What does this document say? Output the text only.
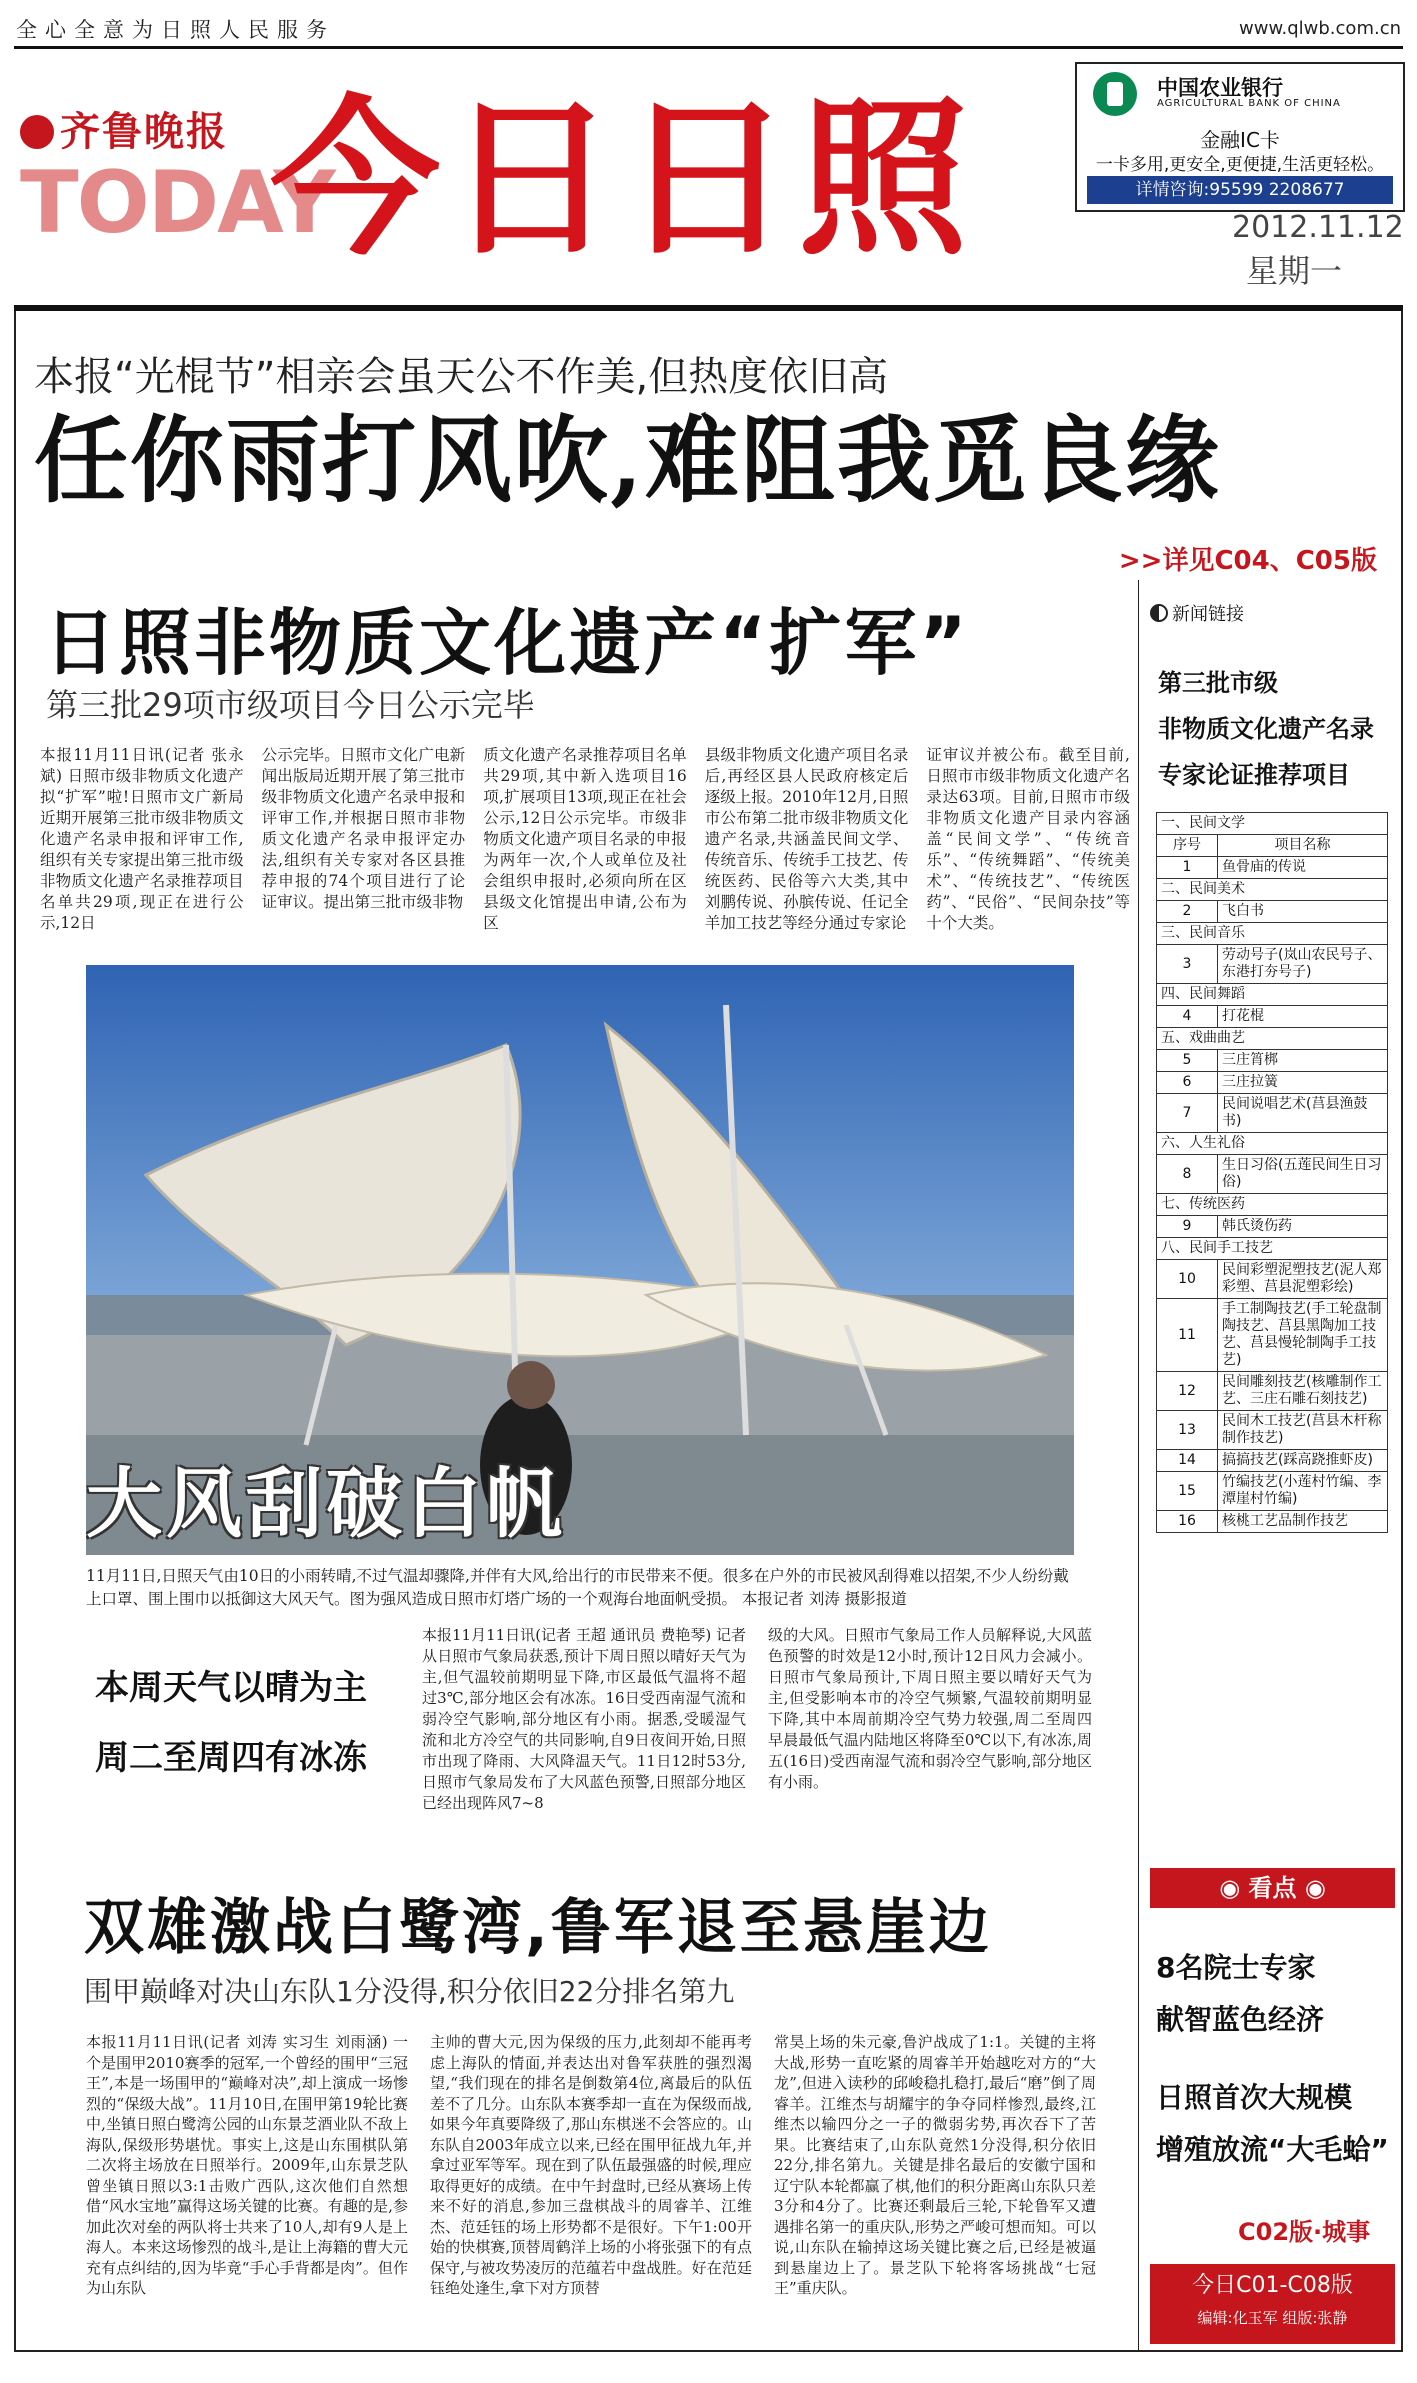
全心全意为日照人民服务	www.qlwb.com.cn
齐鲁晚报
TODAY
今日日照	中国农业银行
AGRICULTURAL BANK OF CHINA
金融IC卡
一卡多用,更安全,更便捷,生活更轻松。
详情咨询:95599 2208677
2012.11.12
星期一
本报“光棍节”相亲会虽天公不作美,但热度依旧高
任你雨打风吹,难阻我觅良缘
>>详见C04、C05版
日照非物质文化遗产“扩军”
第三批29项市级项目今日公示完毕
本报11月11日讯(记者 张永斌) 日照市级非物质文化遗产拟“扩军”啦!日照市文广新局近期开展第三批市级非物质文化遗产名录申报和评审工作,组织有关专家提出第三批市级非物质文化遗产名录推荐项目名单共29项,现正在进行公示,12日
公示完毕。日照市文化广电新闻出版局近期开展了第三批市级非物质文化遗产名录申报和评审工作,并根据日照市非物质文化遗产名录申报评定办法,组织有关专家对各区县推荐申报的74个项目进行了论证审议。提出第三批市级非物
质文化遗产名录推荐项目名单共29项,其中新入选项目16项,扩展项目13项,现正在社会公示,12日公示完毕。市级非物质文化遗产项目名录的申报为两年一次,个人或单位及社会组织申报时,必须向所在区县级文化馆提出申请,公布为区
县级非物质文化遗产项目名录后,再经区县人民政府核定后逐级上报。2010年12月,日照市公布第二批市级非物质文化遗产名录,共涵盖民间文学、传统音乐、传统手工技艺、传统医药、民俗等六大类,其中刘鹏传说、孙膑传说、任记全羊加工技艺等经分通过专家论
证审议并被公布。截至目前,日照市市级非物质文化遗产名录达63项。目前,日照市市级非物质文化遗产目录内容涵盖“民间文学”、“传统音乐”、“传统舞蹈”、“传统美术”、“传统技艺”、“传统医药”、“民俗”、“民间杂技”等十个大类。
大风刮破白帆
11月11日,日照天气由10日的小雨转晴,不过气温却骤降,并伴有大风,给出行的市民带来不便。很多在户外的市民被风刮得难以招架,不少人纷纷戴上口罩、围上围巾以抵御这大风天气。图为强风造成日照市灯塔广场的一个观海台地面帆受损。 本报记者 刘涛 摄影报道
本周天气以晴为主
周二至周四有冰冻
本报11月11日讯(记者 王超 通讯员 费艳琴) 记者从日照市气象局获悉,预计下周日照以晴好天气为主,但气温较前期明显下降,市区最低气温将不超过3℃,部分地区会有冰冻。16日受西南湿气流和弱冷空气影响,部分地区有小雨。据悉,受暖湿气流和北方冷空气的共同影响,自9日夜间开始,日照市出现了降雨、大风降温天气。11日12时53分,日照市气象局发布了大风蓝色预警,日照部分地区已经出现阵风7~8
级的大风。日照市气象局工作人员解释说,大风蓝色预警的时效是12小时,预计12日风力会减小。日照市气象局预计,下周日照主要以晴好天气为主,但受影响本市的冷空气频繁,气温较前期明显下降,其中本周前期冷空气势力较强,周二至周四早晨最低气温内陆地区将降至0℃以下,有冰冻,周五(16日)受西南湿气流和弱冷空气影响,部分地区有小雨。
双雄激战白鹭湾,鲁军退至悬崖边
围甲巅峰对决山东队1分没得,积分依旧22分排名第九
本报11月11日讯(记者 刘涛 实习生 刘雨涵) 一个是围甲2010赛季的冠军,一个曾经的围甲“三冠王”,本是一场围甲的“巅峰对决”,却上演成一场惨烈的“保级大战”。11月10日,在围甲第19轮比赛中,坐镇日照白鹭湾公园的山东景芝酒业队不敌上海队,保级形势堪忧。事实上,这是山东围棋队第二次将主场放在日照举行。2009年,山东景芝队曾坐镇日照以3:1击败广西队,这次他们自然想借“风水宝地”赢得这场关键的比赛。有趣的是,参加此次对垒的两队将士共来了10人,却有9人是上海人。本来这场惨烈的战斗,是让上海籍的曹大元充有点纠结的,因为毕竟“手心手背都是肉”。但作为山东队
主帅的曹大元,因为保级的压力,此刻却不能再考虑上海队的情面,并表达出对鲁军获胜的强烈渴望,“我们现在的排名是倒数第4位,离最后的队伍差不了几分。山东队本赛季却一直在为保级而战,如果今年真要降级了,那山东棋迷不会答应的。山东队自2003年成立以来,已经在围甲征战九年,并拿过亚军等军。现在到了队伍最强盛的时候,理应取得更好的成绩。在中午封盘时,已经从赛场上传来不好的消息,参加三盘棋战斗的周睿羊、江维杰、范廷钰的场上形势都不是很好。下午1:00开始的快棋赛,顶替周鹤洋上场的小将张强下的有点保守,与被攻势凌厉的范蕴若中盘战胜。好在范廷钰绝处逢生,拿下对方顶替
常昊上场的朱元豪,鲁沪战成了1:1。关键的主将大战,形势一直吃紧的周睿羊开始越吃对方的“大龙”,但进入读秒的邱峻稳扎稳打,最后“磨”倒了周睿羊。江维杰与胡耀宇的争夺同样惨烈,最终,江维杰以输四分之一子的微弱劣势,再次吞下了苦果。比赛结束了,山东队竟然1分没得,积分依旧22分,排名第九。关键是排名最后的安徽宁国和辽宁队本轮都赢了棋,他们的积分距离山东队只差3分和4分了。比赛还剩最后三轮,下轮鲁军又遭遇排名第一的重庆队,形势之严峻可想而知。可以说,山东队在输掉这场关键比赛之后,已经是被逼到悬崖边上了。景芝队下轮将客场挑战“七冠王”重庆队。
新闻链接
第三批市级
非物质文化遗产名录
专家论证推荐项目
一、民间文学	
序号	项目名称
1	鱼骨庙的传说
二、民间美术	
2	飞白书
三、民间音乐	
3	劳动号子(岚山农民号子、东港打夯号子)
四、民间舞蹈	
4	打花棍
五、戏曲曲艺	
5	三庄筲梆
6	三庄拉簧
7	民间说唱艺术(莒县渔鼓书)
六、人生礼俗	
8	生日习俗(五莲民间生日习俗)
七、传统医药	
9	韩氏烫伤药
八、民间手工技艺	
10	民间彩塑泥塑技艺(泥人郑彩塑、莒县泥塑彩绘)
11	手工制陶技艺(手工轮盘制陶技艺、莒县黑陶加工技艺、莒县慢轮制陶手工技艺)
12	民间雕刻技艺(核雕制作工艺、三庄石雕石刻技艺)
13	民间木工技艺(莒县木杆称制作技艺)
14	搞搞技艺(踩高跷推虾皮)
15	竹编技艺(小莲村竹编、李潭崖村竹编)
16	核桃工艺品制作技艺
◉ 看点 ◉
8名院士专家
献智蓝色经济
日照首次大规模
增殖放流“大毛蛤”
C02版·城事
今日C01-C08版
编辑:化玉军 组版:张静
